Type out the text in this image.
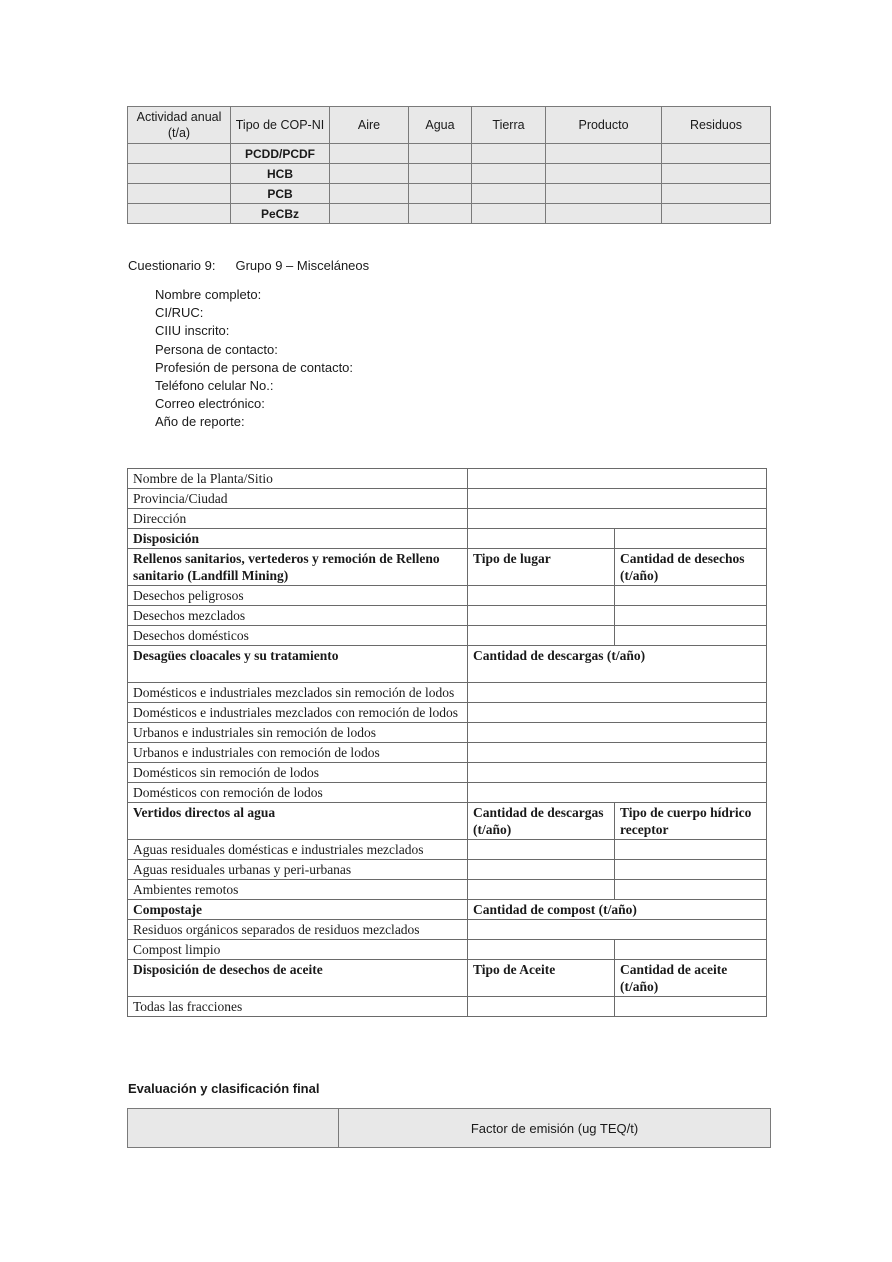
Actividad anual (t/a)	Tipo de COP-NI	Aire	Agua	Tierra	Producto	Residuos
	PCDD/PCDF					
	HCB					
	PCB					
	PeCBz					
Cuestionario 9: Grupo 9 – Misceláneos
Nombre completo:
CI/RUC:
CIIU inscrito:
Persona de contacto:
Profesión de persona de contacto:
Teléfono celular No.:
Correo electrónico:
Año de reporte:
Nombre de la Planta/Sitio		
Provincia/Ciudad		
Dirección		
Disposición		
Rellenos sanitarios, vertederos y remoción de Relleno sanitario (Landfill Mining)	Tipo de lugar	Cantidad de desechos (t/año)
Desechos peligrosos		
Desechos mezclados		
Desechos domésticos		
Desagües cloacales y su tratamiento	Cantidad de descargas (t/año)	
Domésticos e industriales mezclados sin remoción de lodos		
Domésticos e industriales mezclados con remoción de lodos		
Urbanos e industriales sin remoción de lodos		
Urbanos e industriales con remoción de lodos		
Domésticos sin remoción de lodos		
Domésticos con remoción de lodos		
Vertidos directos al agua	Cantidad de descargas (t/año)	Tipo de cuerpo hídrico receptor
Aguas residuales domésticas e industriales mezclados		
Aguas residuales urbanas y peri-urbanas		
Ambientes remotos		
Compostaje	Cantidad de compost (t/año)	
Residuos orgánicos separados de residuos mezclados		
Compost limpio		
Disposición de desechos de aceite	Tipo de Aceite	Cantidad de aceite (t/año)
Todas las fracciones		
Evaluación y clasificación final
	Factor de emisión (ug TEQ/t)
